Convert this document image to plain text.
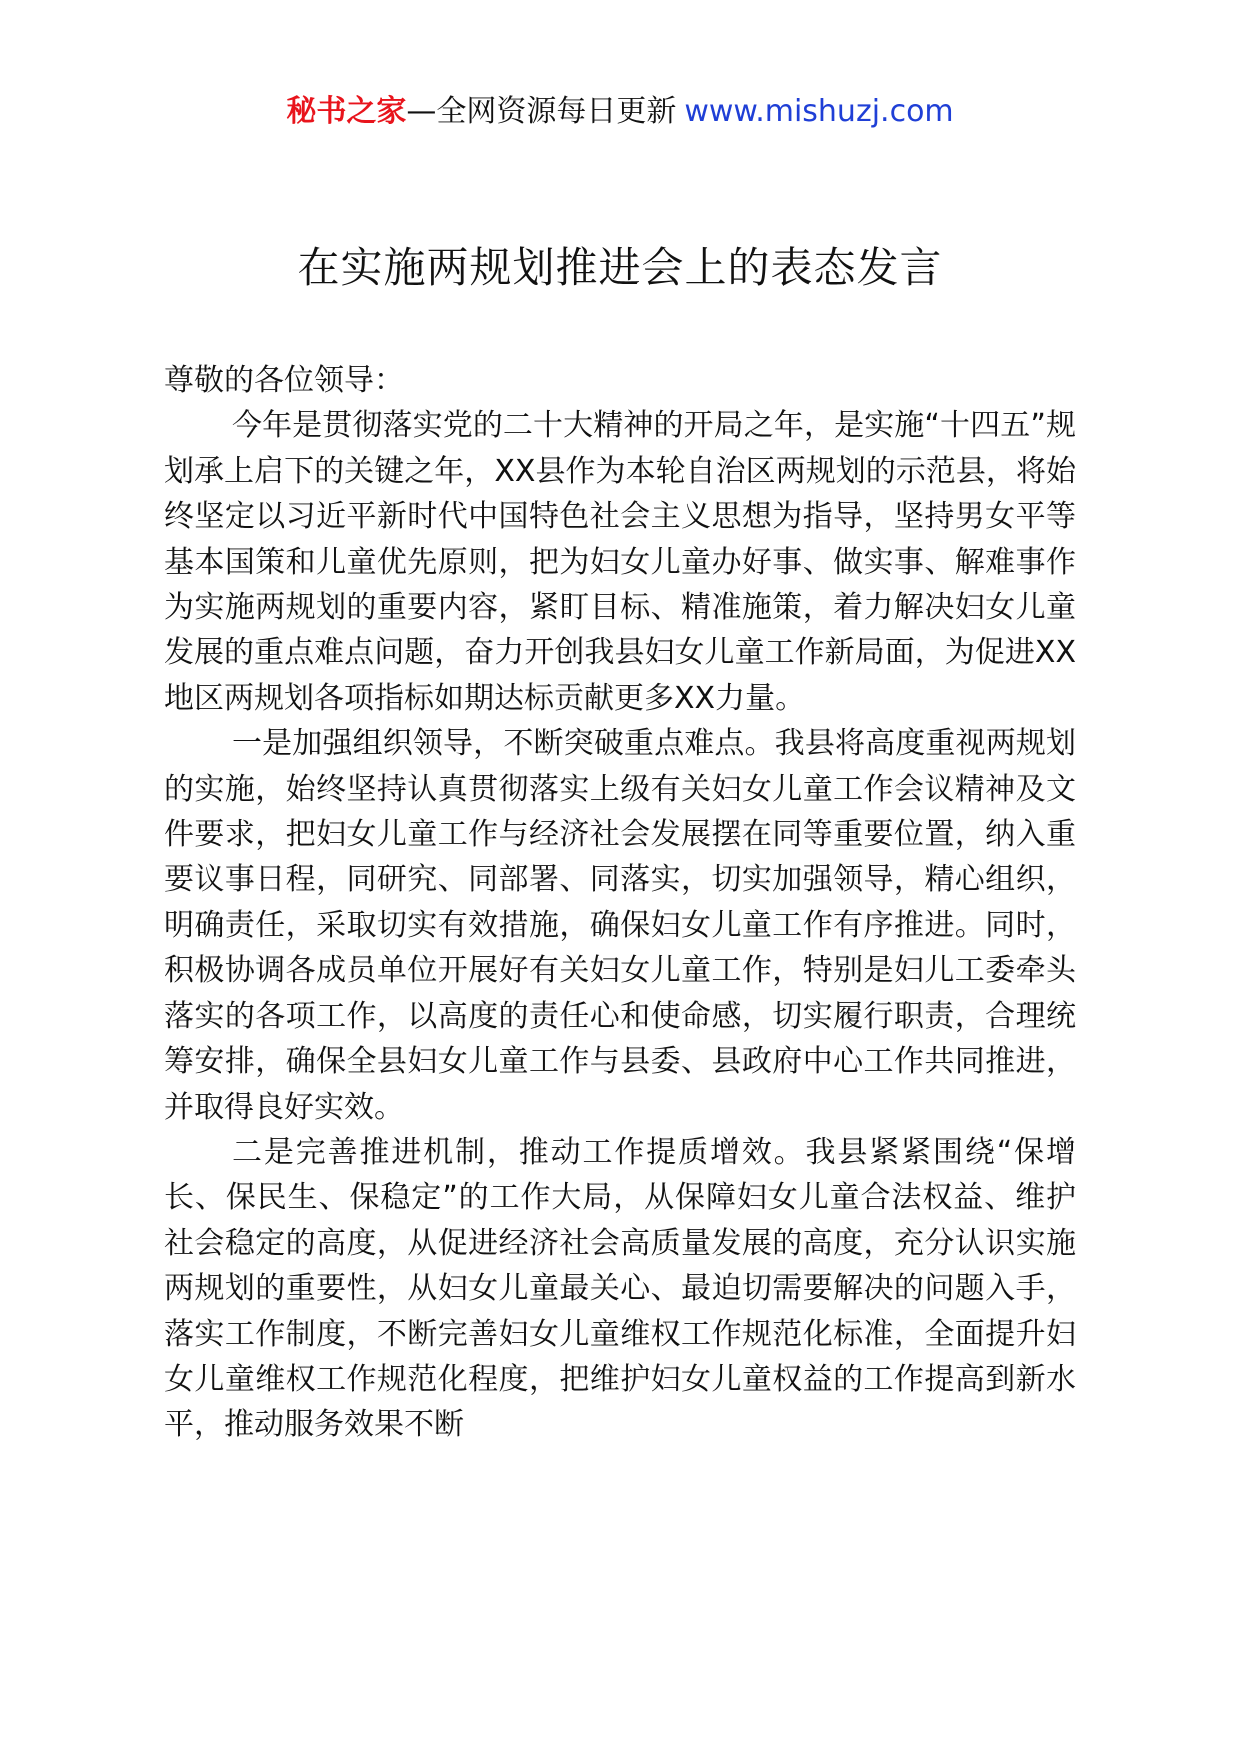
秘书之家—全网资源每日更新 www.mishuzj.com
在实施两规划推进会上的表态发言

尊敬的各位领导：

今年是贯彻落实党的二十大精神的开局之年，是实施“十四五”规划承上启下的关键之年，XX县作为本轮自治区两规划的示范县，将始终坚定以习近平新时代中国特色社会主义思想为指导，坚持男女平等基本国策和儿童优先原则，把为妇女儿童办好事、做实事、解难事作为实施两规划的重要内容，紧盯目标、精准施策，着力解决妇女儿童发展的重点难点问题，奋力开创我县妇女儿童工作新局面，为促进XX地区两规划各项指标如期达标贡献更多XX力量。

一是加强组织领导，不断突破重点难点。我县将高度重视两规划的实施，始终坚持认真贯彻落实上级有关妇女儿童工作会议精神及文件要求，把妇女儿童工作与经济社会发展摆在同等重要位置，纳入重要议事日程，同研究、同部署、同落实，切实加强领导，精心组织，明确责任，采取切实有效措施，确保妇女儿童工作有序推进。同时，积极协调各成员单位开展好有关妇女儿童工作，特别是妇儿工委牵头落实的各项工作，以高度的责任心和使命感，切实履行职责，合理统筹安排，确保全县妇女儿童工作与县委、县政府中心工作共同推进，并取得良好实效。

二是完善推进机制，推动工作提质增效。我县紧紧围绕“保增长、保民生、保稳定”的工作大局，从保障妇女儿童合法权益、维护社会稳定的高度，从促进经济社会高质量发展的高度，充分认识实施两规划的重要性，从妇女儿童最关心、最迫切需要解决的问题入手，落实工作制度，不断完善妇女儿童维权工作规范化标准，全面提升妇女儿童维权工作规范化程度，把维护妇女儿童权益的工作提高到新水平，推动服务效果不断
